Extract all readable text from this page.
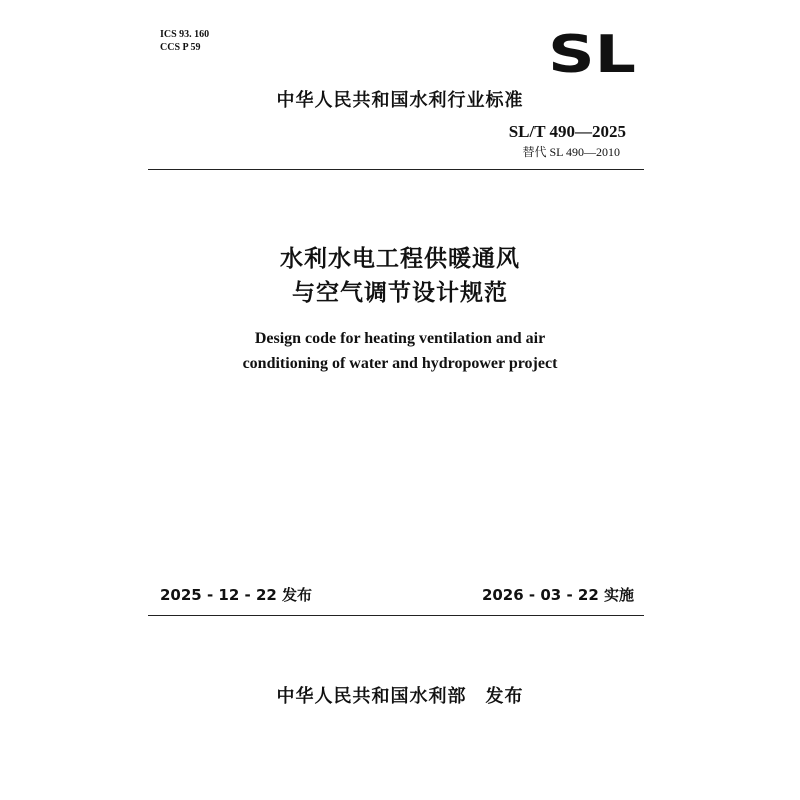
ICS 93. 160
CCS P 59	SL
中华人民共和国水利行业标准
SL/T 490—2025
替代 SL 490—2010
水利水电工程供暖通风
与空气调节设计规范
Design code for heating ventilation and air
conditioning of water and hydropower project
2025 - 12 - 22 发布	2026 - 03 - 22 实施
中华人民共和国水利部　发布
